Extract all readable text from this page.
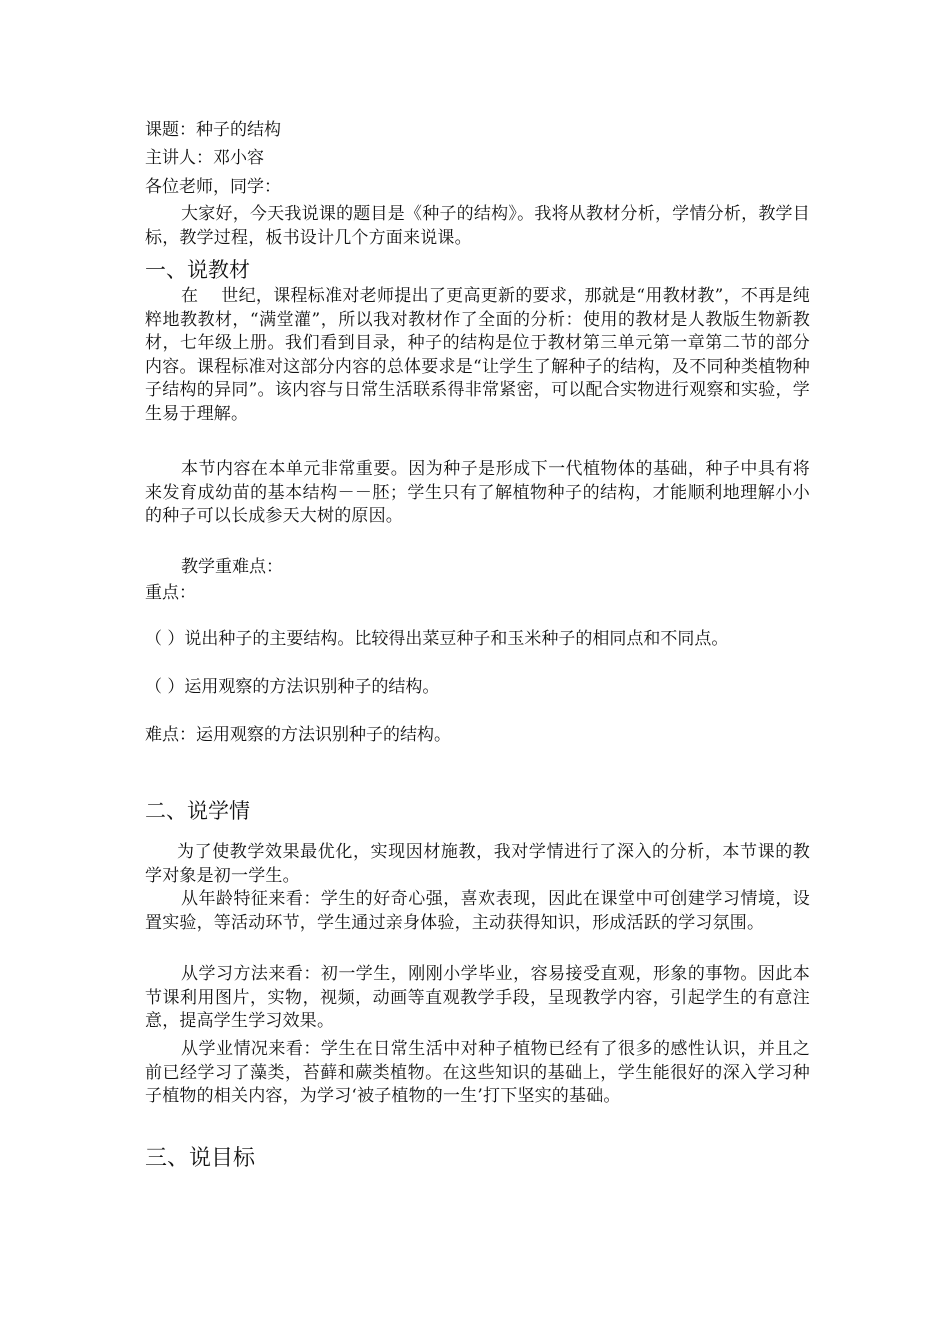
课题：种子的结构
主讲人：邓小容
各位老师，同学：
大家好，今天我说课的题目是《种子的结构》。我将从教材分析，学情分析，教学目标，教学过程，板书设计几个方面来说课。
一、说教材
在　 世纪，课程标准对老师提出了更高更新的要求，那就是“用教材教”，不再是纯粹地教教材，“满堂灌”，所以我对教材作了全面的分析：使用的教材是人教版生物新教材，七年级上册。我们看到目录，种子的结构是位于教材第三单元第一章第二节的部分内容。课程标准对这部分内容的总体要求是“让学生了解种子的结构，及不同种类植物种子结构的异同”。该内容与日常生活联系得非常紧密，可以配合实物进行观察和实验，学生易于理解。
本节内容在本单元非常重要。因为种子是形成下一代植物体的基础，种子中具有将来发育成幼苗的基本结构－－胚；学生只有了解植物种子的结构，才能顺利地理解小小的种子可以长成参天大树的原因。
教学重难点：
重点：
（ ）说出种子的主要结构。比较得出菜豆种子和玉米种子的相同点和不同点。
（ ）运用观察的方法识别种子的结构。
难点：运用观察的方法识别种子的结构。
二、说学情
为了使教学效果最优化，实现因材施教，我对学情进行了深入的分析，本节课的教学对象是初一学生。
从年龄特征来看：学生的好奇心强，喜欢表现，因此在课堂中可创建学习情境，设置实验，等活动环节，学生通过亲身体验，主动获得知识，形成活跃的学习氛围。
从学习方法来看：初一学生，刚刚小学毕业，容易接受直观，形象的事物。因此本节课利用图片，实物，视频，动画等直观教学手段，呈现教学内容，引起学生的有意注意，提高学生学习效果。
从学业情况来看：学生在日常生活中对种子植物已经有了很多的感性认识，并且之前已经学习了藻类，苔藓和蕨类植物。在这些知识的基础上，学生能很好的深入学习种子植物的相关内容，为学习‘被子植物的一生’打下坚实的基础。
三、说目标
